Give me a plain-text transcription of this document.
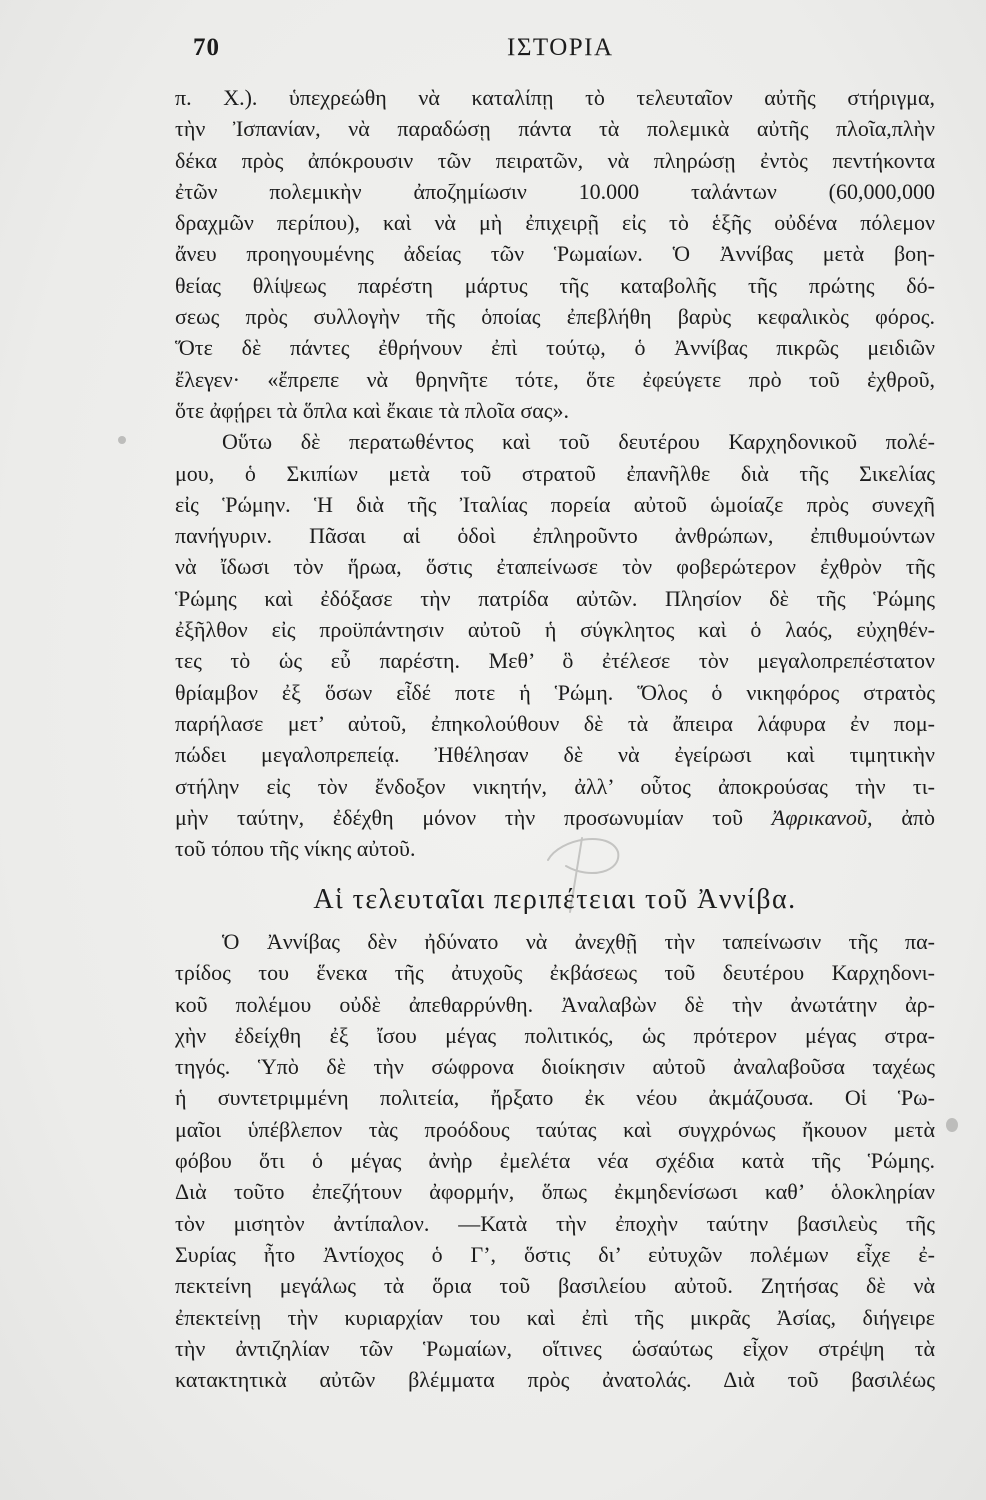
70	ΙΣΤΟΡΙΑ
π. Χ.). ὑπεχρεώθη νὰ καταλίπῃ τὸ τελευταῖον αὐτῆς στήριγμα,
τὴν Ἰσπανίαν, νὰ παραδώσῃ πάντα τὰ πολεμικὰ αὐτῆς πλοῖα,πλὴν
δέκα πρὸς ἀπόκρουσιν τῶν πειρατῶν, νὰ πληρώσῃ ἐντὸς πεντήκοντα
ἐτῶν πολεμικὴν ἀποζημίωσιν 10.000 ταλάντων (60,000,000
δραχμῶν περίπου), καὶ νὰ μὴ ἐπιχειρῇ εἰς τὸ ἑξῆς οὐδένα πόλεμον
ἄνευ προηγουμένης ἀδείας τῶν Ῥωμαίων. Ὁ Ἀννίβας μετὰ βοη-
θείας θλίψεως παρέστη μάρτυς τῆς καταβολῆς τῆς πρώτης δό-
σεως πρὸς συλλογὴν τῆς ὁποίας ἐπεβλήθη βαρὺς κεφαλικὸς φόρος.
Ὅτε δὲ πάντες ἐθρήνουν ἐπὶ τούτῳ, ὁ Ἀννίβας πικρῶς μειδιῶν
ἔλεγεν· «ἔπρεπε νὰ θρηνῆτε τότε, ὅτε ἐφεύγετε πρὸ τοῦ ἐχθροῦ,
ὅτε ἀφῄρει τὰ ὅπλα καὶ ἔκαιε τὰ πλοῖα σας».
Οὕτω δὲ περατωθέντος καὶ τοῦ δευτέρου Καρχηδονικοῦ πολέ-
μου, ὁ Σκιπίων μετὰ τοῦ στρατοῦ ἐπανῆλθε διὰ τῆς Σικελίας
εἰς Ῥώμην. Ἡ διὰ τῆς Ἰταλίας πορεία αὐτοῦ ὡμοίαζε πρὸς συνεχῆ
πανήγυριν. Πᾶσαι αἱ ὁδοὶ ἐπληροῦντο ἀνθρώπων, ἐπιθυμούντων
νὰ ἴδωσι τὸν ἥρωα, ὅστις ἐταπείνωσε τὸν φοβερώτερον ἐχθρὸν τῆς
Ῥώμης καὶ ἐδόξασε τὴν πατρίδα αὐτῶν. Πλησίον δὲ τῆς Ῥώμης
ἐξῆλθον εἰς προϋπάντησιν αὐτοῦ ἡ σύγκλητος καὶ ὁ λαός, εὐχηθέν-
τες τὸ ὡς εὖ παρέστη. Μεθ’ ὃ ἐτέλεσε τὸν μεγαλοπρεπέστατον
θρίαμβον ἐξ ὅσων εἶδέ ποτε ἡ Ῥώμη. Ὅλος ὁ νικηφόρος στρατὸς
παρήλασε μετ’ αὐτοῦ, ἐπηκολούθουν δὲ τὰ ἄπειρα λάφυρα ἐν πομ-
πώδει μεγαλοπρεπείᾳ. Ἠθέλησαν δὲ νὰ ἐγείρωσι καὶ τιμητικὴν
στήλην εἰς τὸν ἔνδοξον νικητήν, ἀλλ’ οὗτος ἀποκρούσας τὴν τι-
μὴν ταύτην, ἐδέχθη μόνον τὴν προσωνυμίαν τοῦ Ἀφρικανοῦ, ἀπὸ
τοῦ τόπου τῆς νίκης αὐτοῦ.
Αἱ τελευταῖαι περιπέτειαι τοῦ Ἀννίβα.
Ὁ Ἀννίβας δὲν ἠδύνατο νὰ ἀνεχθῇ τὴν ταπείνωσιν τῆς πα-
τρίδος του ἕνεκα τῆς ἀτυχοῦς ἐκβάσεως τοῦ δευτέρου Καρχηδονι-
κοῦ πολέμου οὐδὲ ἀπεθαρρύνθη. Ἀναλαβὼν δὲ τὴν ἀνωτάτην ἀρ-
χὴν ἐδείχθη ἐξ ἴσου μέγας πολιτικός, ὡς πρότερον μέγας στρα-
τηγός. Ὑπὸ δὲ τὴν σώφρονα διοίκησιν αὐτοῦ ἀναλαβοῦσα ταχέως
ἡ συντετριμμένη πολιτεία, ἤρξατο ἐκ νέου ἀκμάζουσα. Οἱ Ῥω-
μαῖοι ὑπέβλεπον τὰς προόδους ταύτας καὶ συγχρόνως ἤκουον μετὰ
φόβου ὅτι ὁ μέγας ἀνὴρ ἐμελέτα νέα σχέδια κατὰ τῆς Ῥώμης.
Διὰ τοῦτο ἐπεζήτουν ἀφορμήν, ὅπως ἐκμηδενίσωσι καθ’ ὁλοκληρίαν
τὸν μισητὸν ἀντίπαλον. —Κατὰ τὴν ἐποχὴν ταύτην βασιλεὺς τῆς
Συρίας ἦτο Ἀντίοχος ὁ Γ’, ὅστις δι’ εὐτυχῶν πολέμων εἶχε ἐ-
πεκτείνη μεγάλως τὰ ὅρια τοῦ βασιλείου αὐτοῦ. Ζητήσας δὲ νὰ
ἐπεκτείνῃ τὴν κυριαρχίαν του καὶ ἐπὶ τῆς μικρᾶς Ἀσίας, διήγειρε
τὴν ἀντιζηλίαν τῶν Ῥωμαίων, οἵτινες ὡσαύτως εἶχον στρέψη τὰ
κατακτητικὰ αὐτῶν βλέμματα πρὸς ἀνατολάς. Διὰ τοῦ βασιλέως
